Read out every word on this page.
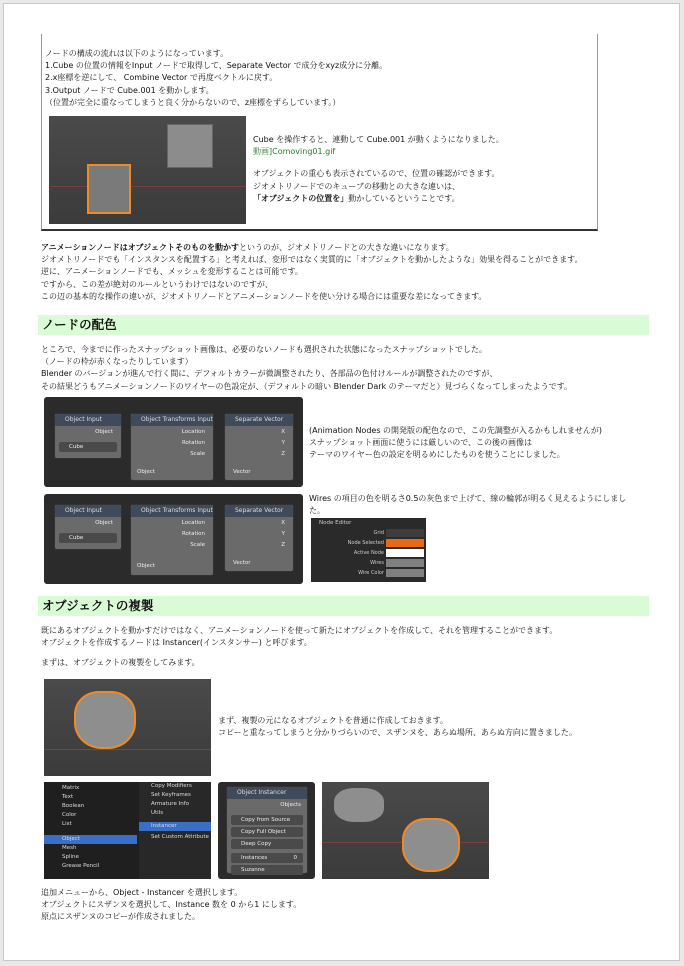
ノードの構成の流れは以下のようになっています。

1.Cube の位置の情報をInput ノードで取得して、Separate Vector で成分をxyz成分に分離。

2.x座標を逆にして、 Combine Vector で再度ベクトルに戻す。

3.Output ノードで Cube.001 を動かします。

（位置が完全に重なってしまうと良く分からないので、z座標をずらしています。）

Cube を操作すると、連動して Cube.001 が動くようになりました。

動画]Comoving01.gif

オブジェクトの重心も表示されているので、位置の確認ができます。

ジオメトリノードでのキューブの移動との大きな違いは、

「オブジェクトの位置を」動かしているということです。

アニメーションノードはオブジェクトそのものを動かすというのが、ジオメトリノードとの大きな違いになります。

ジオメトリノードでも「インスタンスを配置する」と考えれば、変形ではなく実質的に「オブジェクトを動かしたような」効果を得ることができます。

逆に、アニメーションノードでも、メッシュを変形することは可能です。

ですから、この差が絶対のルールというわけではないのですが、

この辺の基本的な操作の違いが、ジオメトリノードとアニメーションノードを使い分ける場合には重要な差になってきます。

ノードの配色

ところで、今までに作ったスナップショット画像は、必要のないノードも選択された状態になったスナップショットでした。

（ノードの枠が赤くなったりしています）

Blender のバージョンが進んで行く間に、デフォルトカラーが微調整されたり、各部品の色付けルールが調整されたのですが、

その結果どうもアニメーションノードのワイヤーの色設定が、（デフォルトの暗い Blender Dark のテーマだと）見づらくなってしまったようです。

Object Input
Object
Cube
Object Transforms Input
Location
Rotation
Scale
Object
Separate Vector
X
Y
Z
Vector

(Animation Nodes の開発版の配色なので、この先調整が入るかもしれませんが)

スナップショット画面に使うには厳しいので、この後の画像は

テーマのワイヤー色の設定を明るめにしたものを使うことにしました。

Object Input
Object
Cube
Object Transforms Input
Location
Rotation
Scale
Object
Separate Vector
X
Y
Z
Vector

Wires の項目の色を明るさ0.5の灰色まで上げて、線の輪郭が明るく見えるようにしまし

た。

Node Editor
Grid
Node Selected
Active Node
Wires
Wire Color
オブジェクトの複製

既にあるオブジェクトを動かすだけではなく、アニメーションノードを使って新たにオブジェクトを作成して、それを管理することができます。

オブジェクトを作成するノードは Instancer(インスタンサー) と呼びます。

まずは、オブジェクトの複製をしてみます。

まず、複製の元になるオブジェクトを普通に作成しておきます。

コピーと重なってしまうと分かりづらいので、スザンヌを、あらぬ場所、あらぬ方向に置きました。

Matrix
Text
Boolean
Color
List
Object
Mesh
Spline
Grease Pencil
Copy Modifiers
Set Keyframes
Armature Info
Utils
Instancer
Set Custom Attribute
Object Instancer
Objects
Copy from Source
Copy Full Object
Deep Copy
Instances	0
Suzanne

追加メニューから、Object - Instancer を選択します。

オブジェクトにスザンヌを選択して、Instance 数を 0 から1 にします。

原点にスザンヌのコピーが作成されました。
